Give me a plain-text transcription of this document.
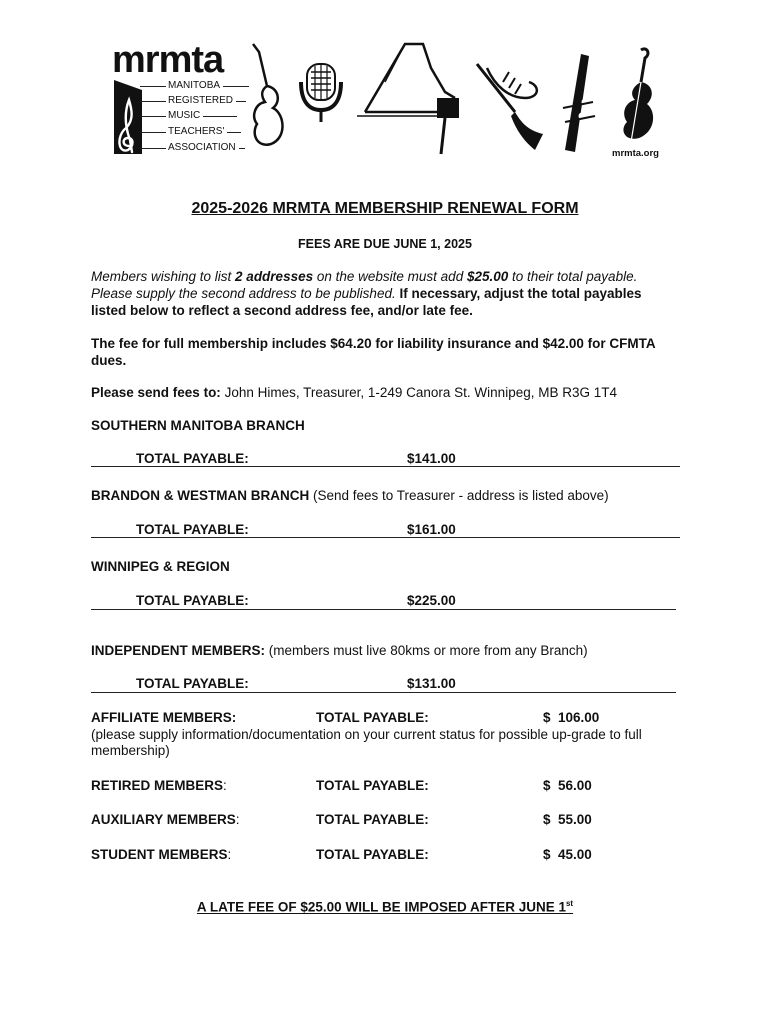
mrmta
MANITOBA
REGISTERED
MUSIC
TEACHERS'
ASSOCIATION
mrmta.org
2025-2026 MRMTA MEMBERSHIP RENEWAL FORM
FEES ARE DUE JUNE 1, 2025
Members wishing to list 2 addresses on the website must add $25.00 to their total payable.
Please supply the second address to be published. If necessary, adjust the total payables
listed below to reflect a second address fee, and/or late fee.
The fee for full membership includes $64.20 for liability insurance and $42.00 for CFMTA
dues.
Please send fees to: John Himes, Treasurer, 1-249 Canora St. Winnipeg, MB R3G 1T4
SOUTHERN MANITOBA BRANCH
TOTAL PAYABLE:	$141.00
BRANDON & WESTMAN BRANCH (Send fees to Treasurer - address is listed above)
TOTAL PAYABLE:	$161.00
WINNIPEG & REGION
TOTAL PAYABLE:	$225.00
INDEPENDENT MEMBERS: (members must live 80kms or more from any Branch)
TOTAL PAYABLE:	$131.00
AFFILIATE MEMBERS:	TOTAL PAYABLE:	$  106.00
(please supply information/documentation on your current status for possible up-grade to full
membership)
RETIRED MEMBERS:	TOTAL PAYABLE:	$  56.00
AUXILIARY MEMBERS:	TOTAL PAYABLE:	$  55.00
STUDENT MEMBERS:	TOTAL PAYABLE:	$  45.00
A LATE FEE OF $25.00 WILL BE IMPOSED AFTER JUNE 1st
